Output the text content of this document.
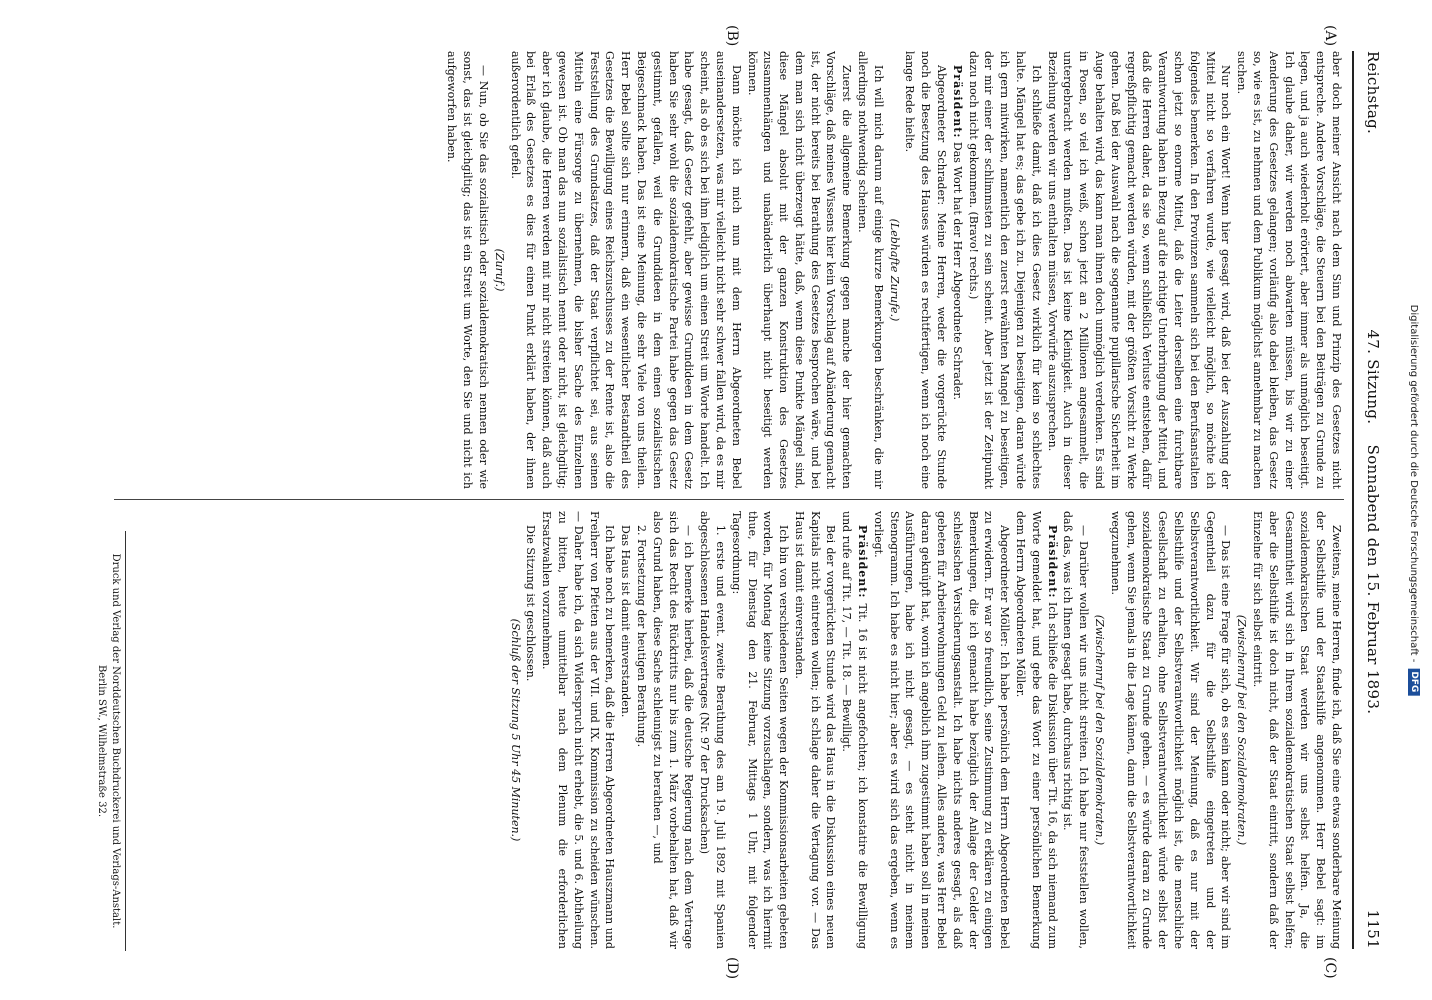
Reichstag.
47. Sitzung.    Sonnabend den 15. Februar 1893.
1151
(A)
(B)
(C)
(D)

aber doch meiner Ansicht nach dem Sinn und Prinzip des Gesetzes nicht entspreche. Andere Vorschläge, die Steuern bei den Beiträgen zu Grunde zu legen, und ja auch wiederholt erörtert, aber immer als unmöglich beseitigt. Ich glaube daher, wir werden noch abwarten müssen, bis wir zu einer Aenderung des Gesetzes gelangen; vorläufig also dabei bleiben, das Gesetz so, wie es ist, zu nehmen und dem Publikum möglichst annehmbar zu machen suchen.

Nur noch ein Wort! Wenn hier gesagt wird, daß bei der Auszahlung der Mittel nicht so verfahren wurde, wie vielleicht möglich, so möchte ich folgendes bemerken. In den Provinzen sammeln sich bei den Berufsanstalten schon jetzt so enorme Mittel, daß die Leiter derselben eine furchtbare Verantwortung haben in Bezug auf die richtige Unterbringung der Mittel, und daß die Herren daher, da sie so, wenn schließlich Verluste entstehen, dafür regreßpflichtig gemacht werden würden, mit der größten Vorsicht zu Werke gehen. Daß bei der Auswahl nach die sogenannte pupillarische Sicherheit im Auge behalten wird, das kann man ihnen doch unmöglich verdenken. Es sind in Posen, so viel ich weiß, schon jetzt an 2 Millionen angesammelt, die untergebracht werden mußten. Das ist keine Kleinigkeit. Auch in dieser Beziehung werden wir uns enthalten müssen, Vorwürfe auszusprechen.

Ich schließe damit, daß ich dies Gesetz wirklich für kein so schlechtes halte. Mängel hat es; das gebe ich zu. Diejenigen zu beseitigen, daran würde ich gern mitwirken, namentlich den zuerst erwähnten Mangel zu beseitigen, der mir einer der schlimmsten zu sein scheint. Aber jetzt ist der Zeitpunkt dazu noch nicht gekommen. (Bravo! rechts.)

Präsident: Das Wort hat der Herr Abgeordnete Schrader.

Abgeordneter Schrader: Meine Herren, weder die vorgerückte Stunde noch die Besetzung des Hauses würden es rechtfertigen, wenn ich noch eine lange Rede hielte.

(Lebhafte Zurufe.)

Ich will mich darum auf einige kurze Bemerkungen beschränken, die mir allerdings nothwendig scheinen.

Zuerst die allgemeine Bemerkung gegen manche der hier gemachten Vorschläge, daß meines Wissens hier kein Vorschlag auf Abänderung gemacht ist, der nicht bereits bei Berathung des Gesetzes besprochen wäre, und bei dem man sich nicht überzeugt hätte, daß, wenn diese Punkte Mängel sind, diese Mängel absolut mit der ganzen Konstruktion des Gesetzes zusammenhängen und unabänderlich überhaupt nicht beseitigt werden können.

Dann möchte ich mich nun mit dem Herrn Abgeordneten Bebel auseinandersetzen, was mir vielleicht nicht sehr schwer fallen wird, da es mir scheint, als ob es sich bei ihm lediglich um einen Streit um Worte handelt. Ich habe gesagt, daß Gesetz gefehlt, aber gewisse Grundideen in dem Gesetz haben Sie sehr wohl die sozialdemokratische Partei habe gegen das Gesetz gestimmt, gefallen, weil die Grundideen in dem einen sozialistischen Beigeschmack haben. Das ist eine Meinung, die sehr Viele von uns theilen. Herr Bebel sollte sich nur erinnern, daß ein wesentlicher Bestandtheil des Gesetzes die Bewilligung eines Reichszuschusses zu der Rente ist, also die Feststellung des Grundsatzes, daß der Staat verpflichtet sei, aus seinen Mitteln eine Fürsorge zu übernehmen, die bisher Sache des Einzelnen gewesen ist. Ob man das nun sozialistisch nennt oder nicht, ist gleichgiltig; aber ich glaube, die Herren werden mit mir nicht streiten können, daß auch bei Erlaß des Gesetzes es dies für einen Punkt erklärt haben, der ihnen außerordentlich gefiel.

(Zuruf.)

— Nun, ob Sie das sozialistisch oder sozialdemokratisch nennen oder wie sonst, das ist gleichgiltig; das ist ein Streit um Worte, den Sie und nicht ich aufgeworfen haben.

Zweitens, meine Herren, finde ich, daß Sie eine etwas sonderbare Meinung der Selbsthilfe und der Staatshilfe angenommen. Herr Bebel sagt: im sozialdemokratischen Staat werden wir uns selbst helfen. Ja, die Gesammtheit wird sich in Ihrem sozialdemokratischen Staat selbst helfen; aber die Selbsthilfe ist doch nicht, daß der Staat eintritt, sondern daß der Einzelne für sich selbst eintritt.

(Zwischenruf bei den Sozialdemokraten.)

— Das ist eine Frage für sich, ob es sein kann oder nicht; aber wir sind im Gegentheil dazu für die Selbsthilfe eingetreten und der Selbstverantwortlichkeit. Wir sind der Meinung, daß es nur mit der Selbsthilfe und der Selbstverantwortlichkeit möglich ist, die menschliche Gesellschaft zu erhalten, ohne Selbstverantwortlichkeit würde selbst der sozialdemokratische Staat zu Grunde gehen. — es würde daran zu Grunde gehen, wenn Sie jemals in die Lage kämen, dann die Selbstverantwortlichkeit wegzunehmen.

(Zwischenruf bei den Sozialdemokraten.)

— Darüber wollen wir uns nicht streiten. Ich habe nur feststellen wollen, daß das, was ich Ihnen gesagt habe, durchaus richtig ist.

Präsident: Ich schließe die Diskussion über Tit. 16, da sich niemand zum Worte gemeldet hat, und gebe das Wort zu einer persönlichen Bemerkung dem Herrn Abgeordneten Möller.

Abgeordneter Möller: Ich habe persönlich dem Herrn Abgeordneten Bebel zu erwidern. Er war so freundlich, seine Zustimmung zu erklären zu einigen Bemerkungen, die ich gemacht habe bezüglich der Anlage der Gelder der schlesischen Versicherungsanstalt. Ich habe nichts anderes gesagt, als daß gebeten für Arbeiterwohnungen Geld zu leihen. Alles andere, was Herr Bebel daran geknüpft hat, worin ich angeblich ihm zugestimmt haben soll in meinen Ausführungen, habe ich nicht gesagt, — es steht nicht in meinem Stenogramm. Ich habe es nicht hier; aber es wird sich das ergeben, wenn es vorliegt.

Präsident: Tit. 16 ist nicht angefochten; ich konstatire die Bewilligung und rufe auf Tit. 17, — Tit. 18. — Bewilligt.

Bei der vorgerückten Stunde wird das Haus in die Diskussion eines neuen Kapitals nicht eintreten wollen; ich schlage daher die Vertagung vor. — Das Haus ist damit einverstanden.

Ich bin von verschiedenen Seiten wegen der Kommissionsarbeiten gebeten worden, für Montag keine Sitzung vorzuschlagen, sondern, was ich hiermit thue, für Dienstag den 21. Februar, Mittags 1 Uhr, mit folgender Tagesordnung:

1. erste und event. zweite Berathung des am 19. Juli 1892 mit Spanien abgeschlossenen Handelsvertrages (Nr. 97 der Drucksachen)

— ich bemerke hierbei, daß die deutsche Regierung nach dem Vertrage sich das Recht des Rücktritts nur bis zum 1. März vorbehalten hat, daß wir also Grund haben, diese Sache schleunigst zu berathen —, und

2. Fortsetzung der heutigen Berathung.

Das Haus ist damit einverstanden.

Ich habe noch zu bemerken, daß die Herren Abgeordneten Hauszmann und Freiherr von Pfetten aus der VII. und IX. Kommission zu scheiden wünschen. — Daher habe ich, da sich Widerspruch nicht erhebt, die 5. und 6. Abtheilung zu bitten, heute unmittelbar nach dem Plenum die erforderlichen Ersatzwahlen vorzunehmen.

Die Sitzung ist geschlossen.

(Schluß der Sitzung 5 Uhr 45 Minuten.)

Druck und Verlag der Norddeutschen Buchdruckerei und Verlags-Anstalt.
Berlin SW., Wilhelmstraße 32.
Digitalisierung gefördert durch die Deutsche Forschungsgemeinschaft -
DFG
